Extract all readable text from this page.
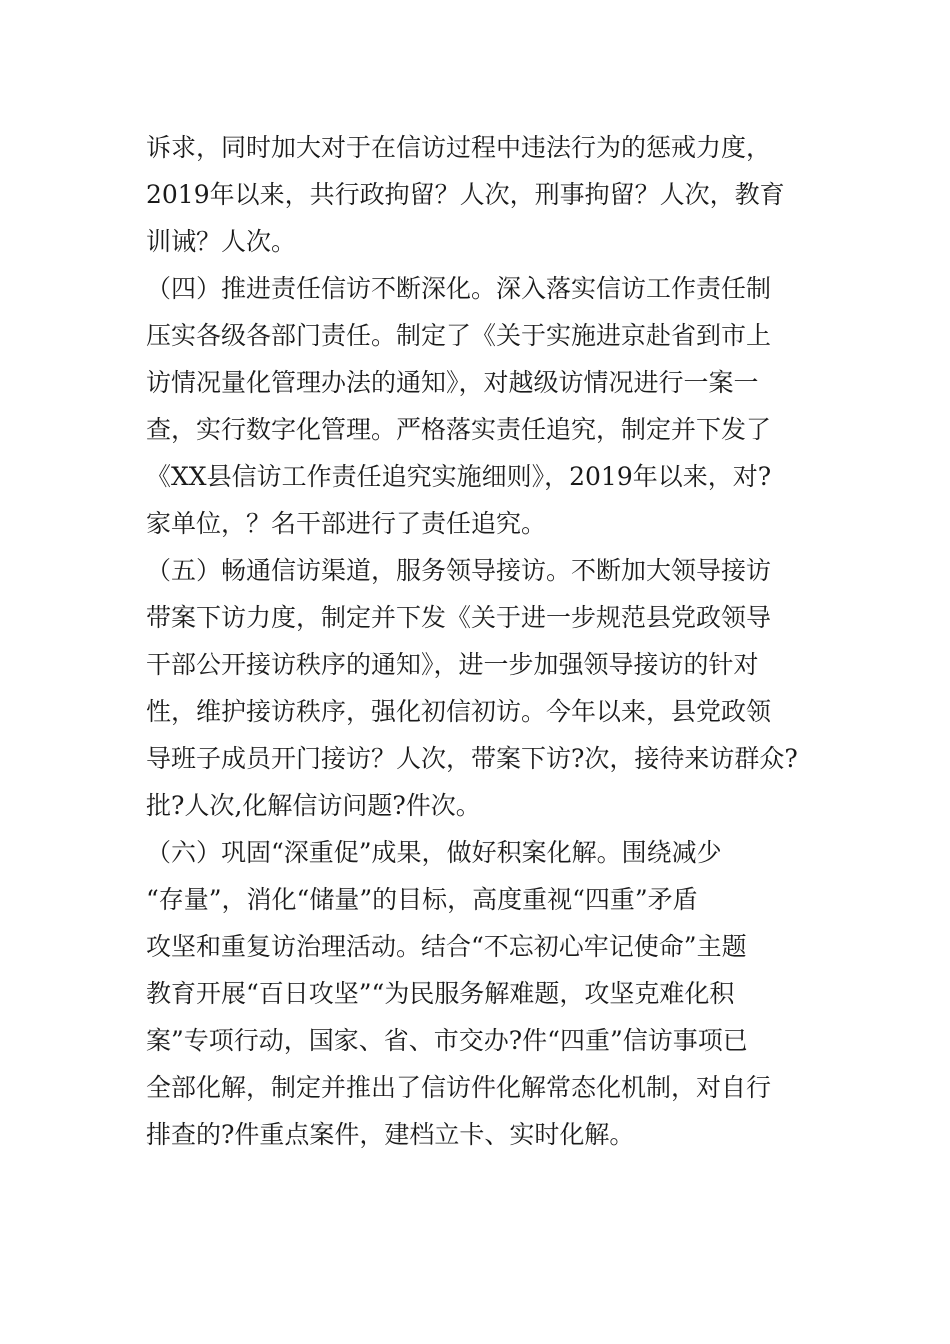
诉求，同时加大对于在信访过程中违法行为的惩戒力度，
2019年以来，共行政拘留？人次，刑事拘留？人次，教育
训诫？人次。
（四）推进责任信访不断深化。深入落实信访工作责任制
压实各级各部门责任。制定了《关于实施进京赴省到市上
访情况量化管理办法的通知》，对越级访情况进行一案一
查，实行数字化管理。严格落实责任追究，制定并下发了
《XX县信访工作责任追究实施细则》，2019年以来，对?
家单位，？名干部进行了责任追究。
（五）畅通信访渠道，服务领导接访。不断加大领导接访
带案下访力度，制定并下发《关于进一步规范县党政领导
干部公开接访秩序的通知》，进一步加强领导接访的针对
性，维护接访秩序，强化初信初访。今年以来，县党政领
导班子成员开门接访？人次，带案下访?次，接待来访群众?
批?人次,化解信访问题?件次。
（六）巩固“深重促”成果，做好积案化解。围绕减少
“存量”，消化“储量”的目标，高度重视“四重”矛盾
攻坚和重复访治理活动。结合“不忘初心牢记使命”主题
教育开展“百日攻坚”“为民服务解难题，攻坚克难化积
案”专项行动，国家、省、市交办?件“四重”信访事项已
全部化解，制定并推出了信访件化解常态化机制，对自行
排查的?件重点案件，建档立卡、实时化解。
